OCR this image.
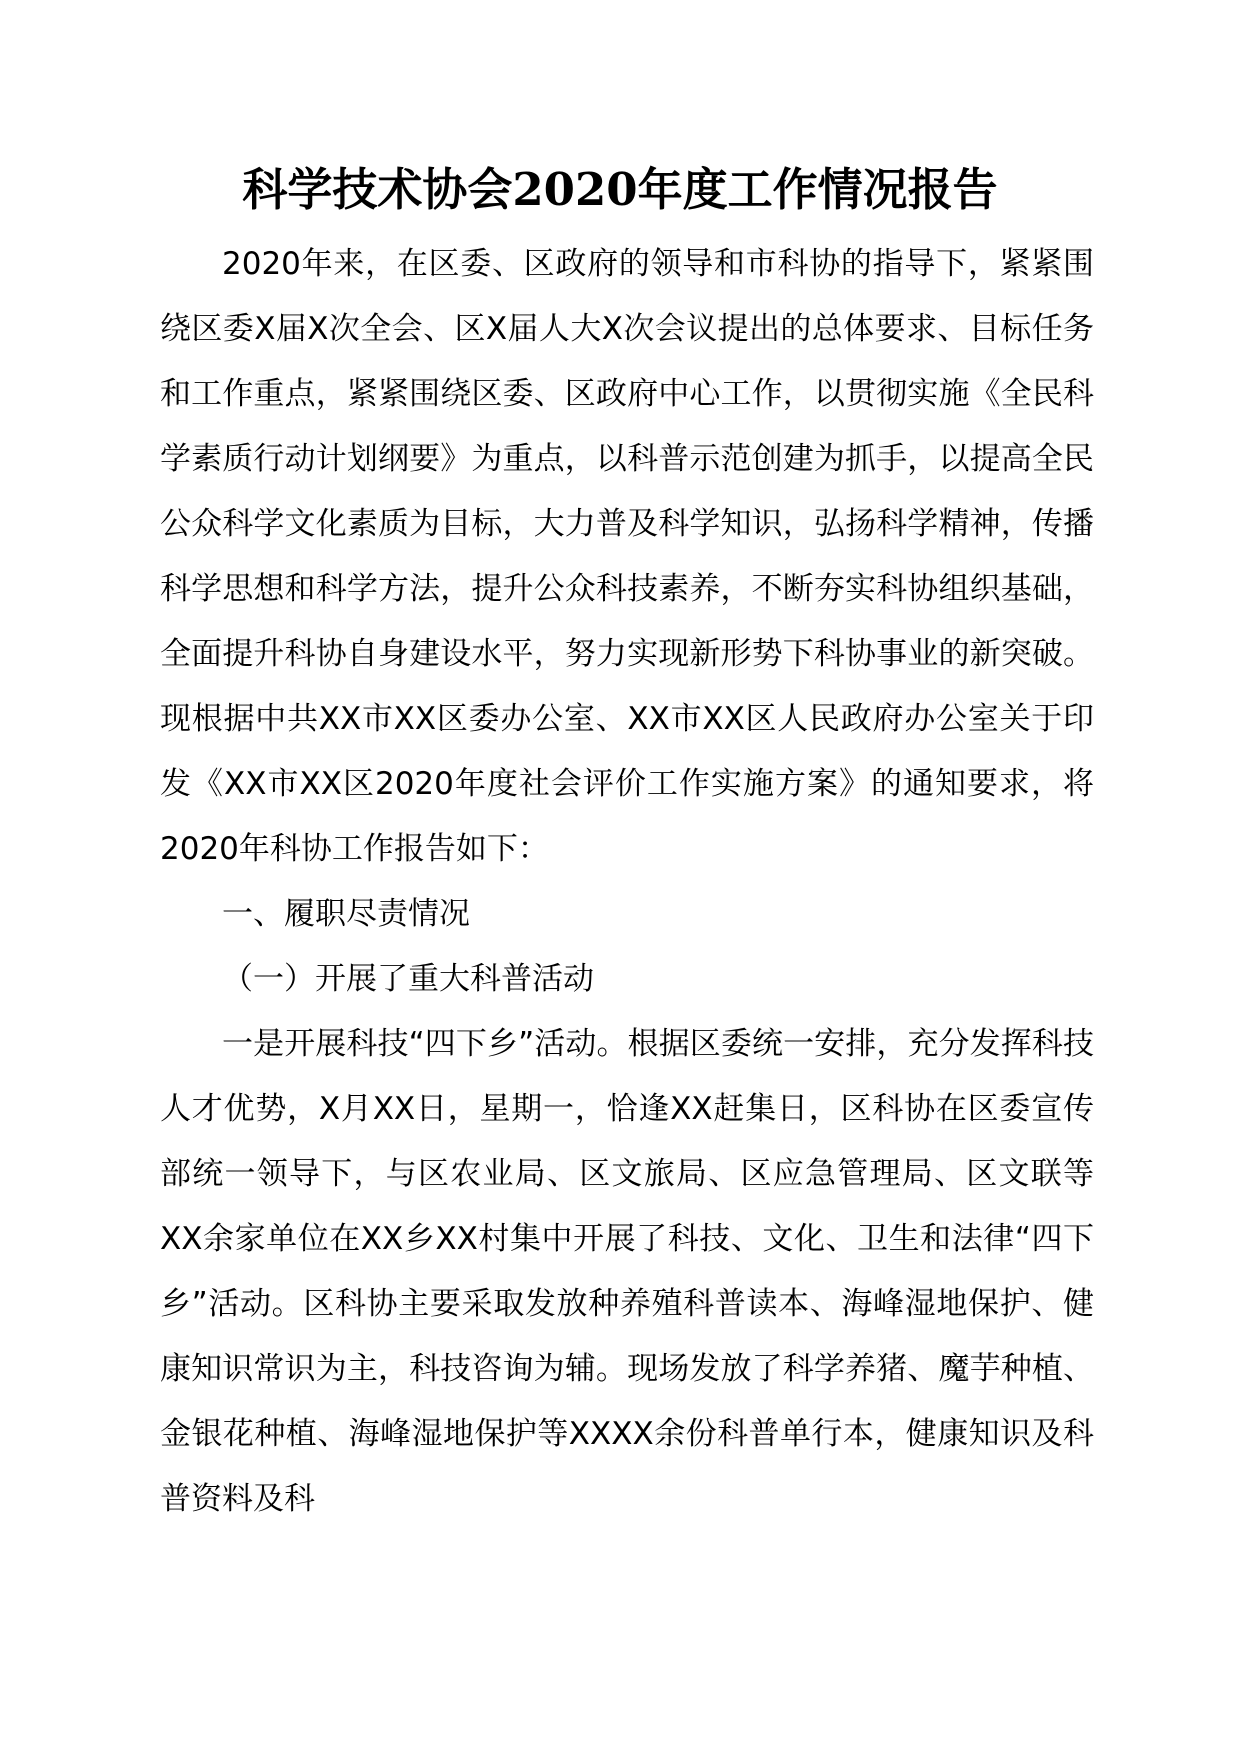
科学技术协会2020年度工作情况报告

2020年来，在区委、区政府的领导和市科协的指导下，紧紧围绕区委X届X次全会、区X届人大X次会议提出的总体要求、目标任务和工作重点，紧紧围绕区委、区政府中心工作，以贯彻实施《全民科学素质行动计划纲要》为重点，以科普示范创建为抓手，以提高全民公众科学文化素质为目标，大力普及科学知识，弘扬科学精神，传播科学思想和科学方法，提升公众科技素养，不断夯实科协组织基础，全面提升科协自身建设水平，努力实现新形势下科协事业的新突破。现根据中共XX市XX区委办公室、XX市XX区人民政府办公室关于印发《XX市XX区2020年度社会评价工作实施方案》的通知要求，将2020年科协工作报告如下：

一、履职尽责情况

（一）开展了重大科普活动

一是开展科技“四下乡”活动。根据区委统一安排，充分发挥科技人才优势，X月XX日，星期一，恰逢XX赶集日，区科协在区委宣传部统一领导下，与区农业局、区文旅局、区应急管理局、区文联等XX余家单位在XX乡XX村集中开展了科技、文化、卫生和法律“四下乡”活动。区科协主要采取发放种养殖科普读本、海峰湿地保护、健康知识常识为主，科技咨询为辅。现场发放了科学养猪、魔芋种植、金银花种植、海峰湿地保护等XXXX余份科普单行本，健康知识及科普资料及科
